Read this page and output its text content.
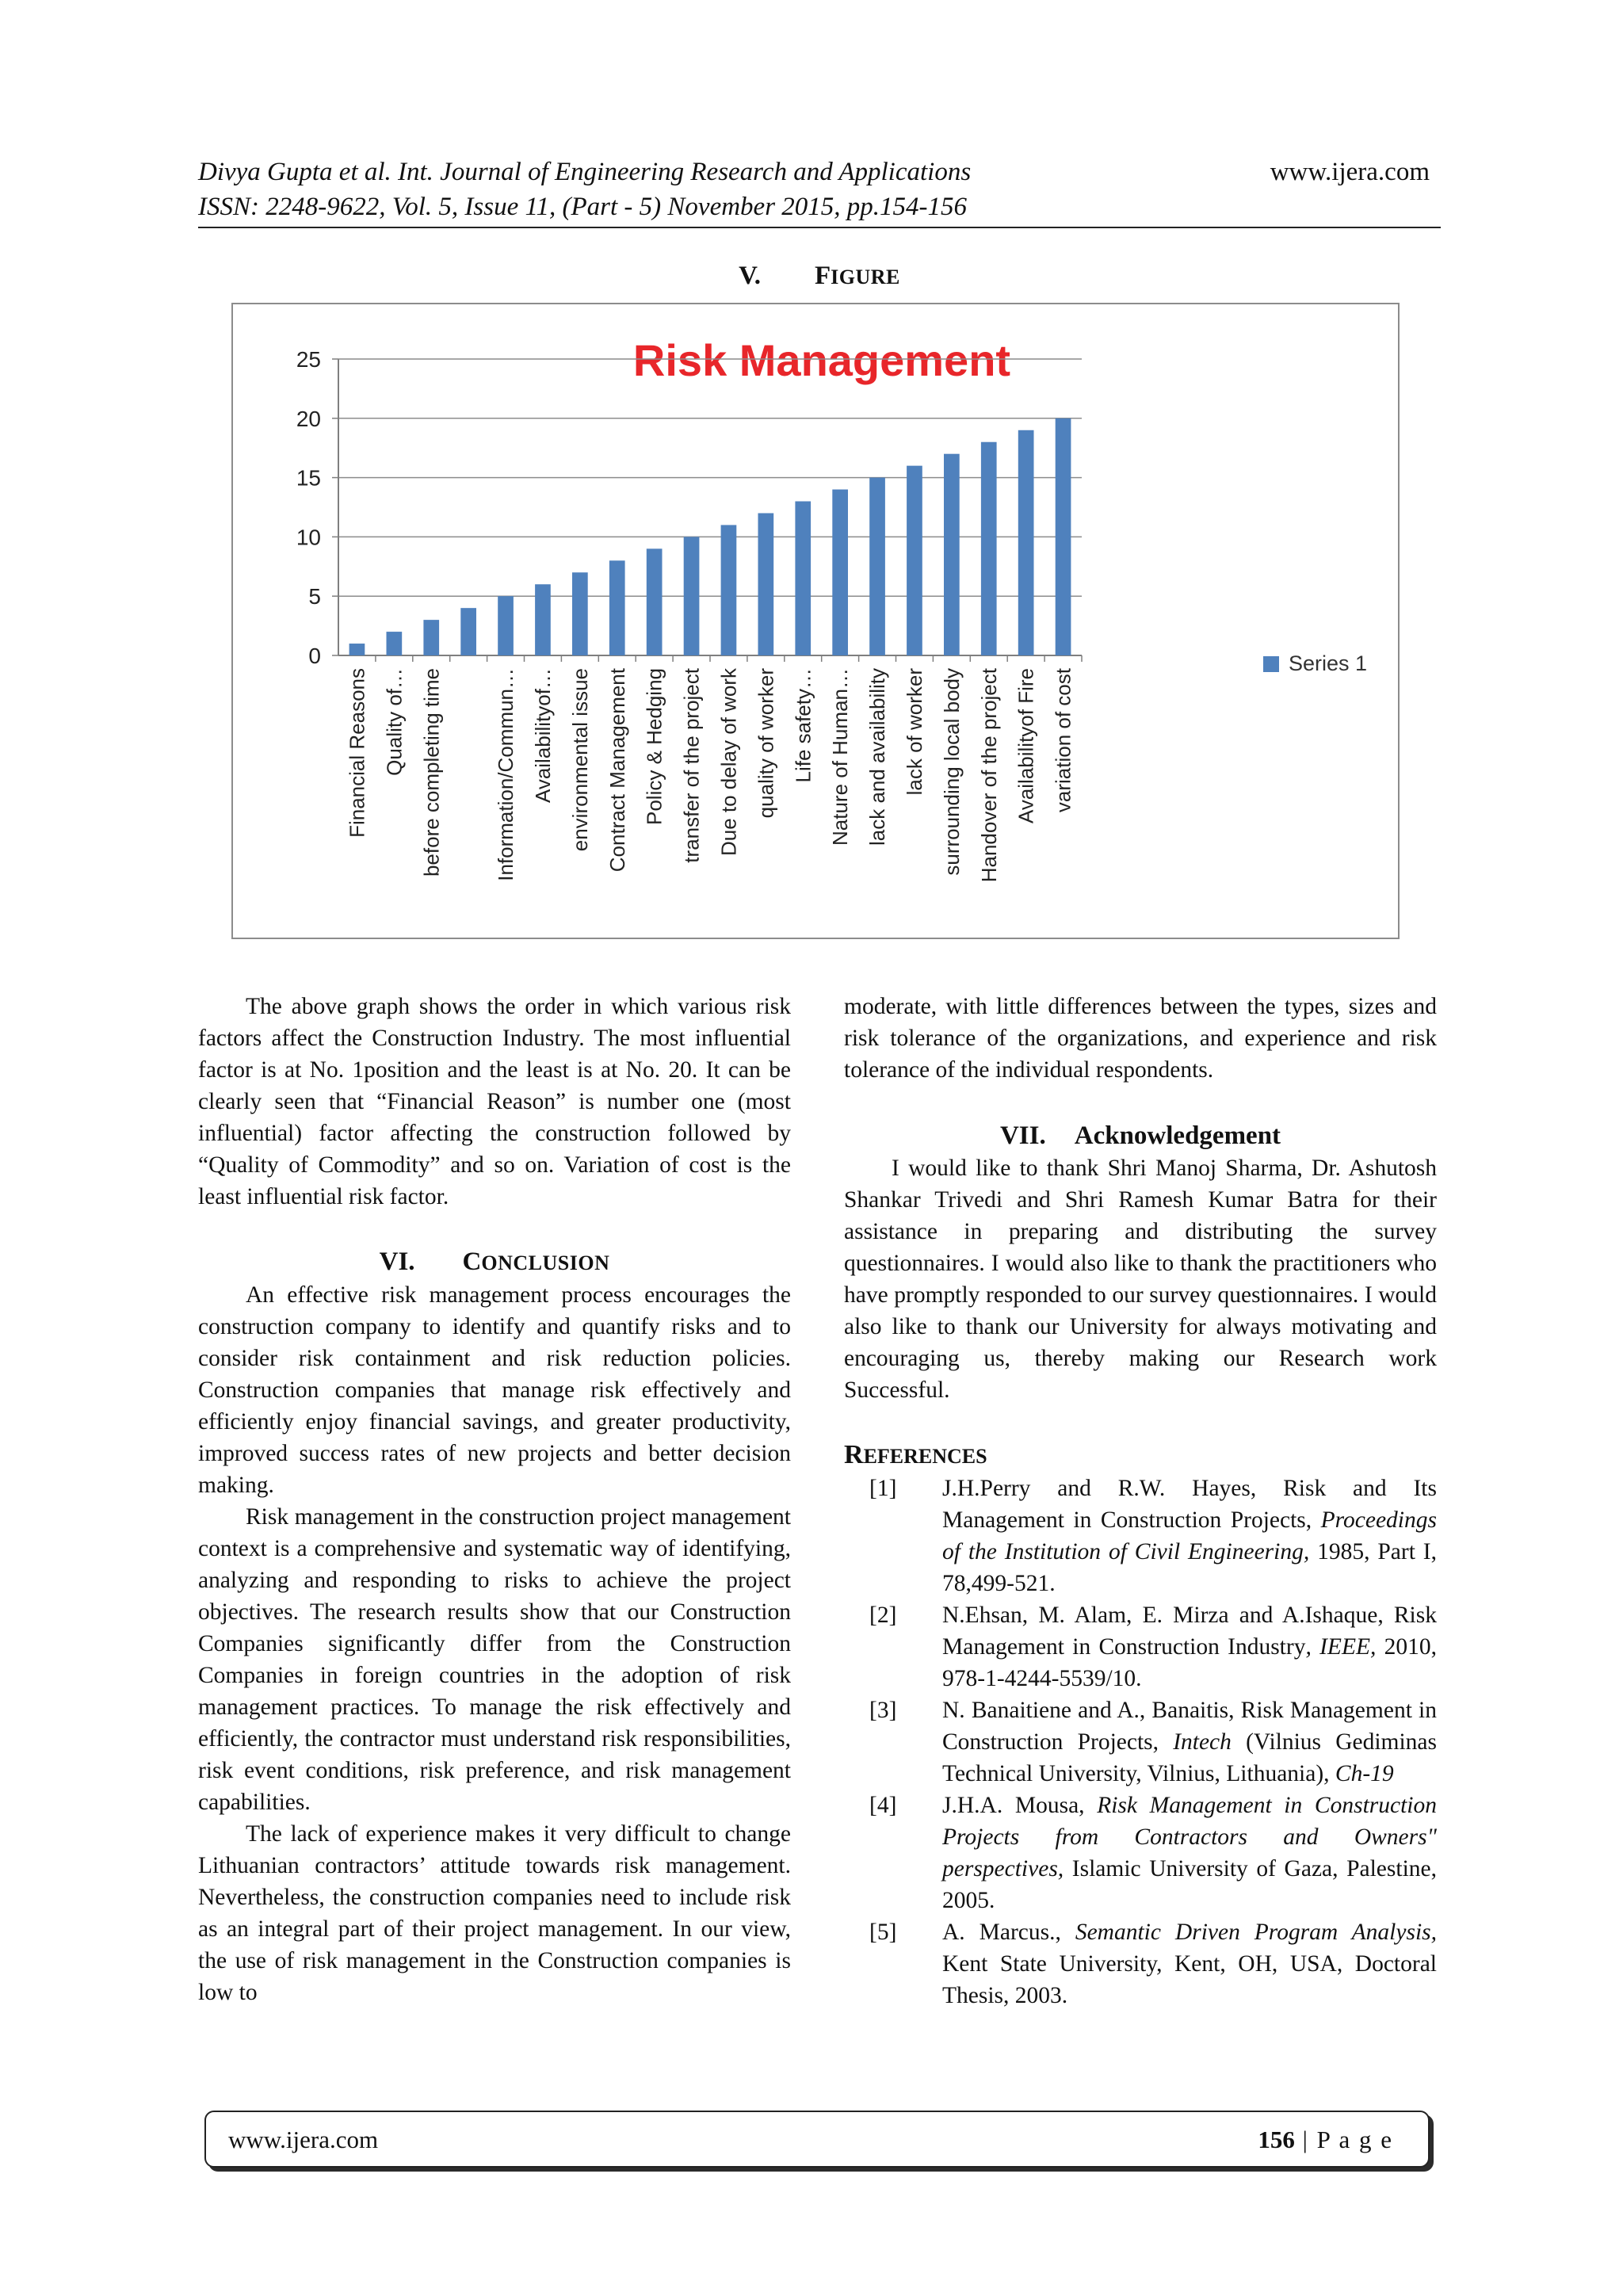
Divya Gupta et al. Int. Journal of Engineering Research and Applications	www.ijera.com
ISSN: 2248-9622, Vol. 5, Issue 11, (Part - 5) November 2015, pp.154-156
V. FIGURE
Risk Management
0
5
10
15
20
25
Financial Reasons Quality of… before completing time Information/Commun… Availabilityof… environmental issue Contract Management Policy & Hedging transfer of the project Due to delay of work quality of worker Life safety… Nature of Human… lack and availability lack of worker surrounding local body Handover of the project Availabilityof Fire variation of cost
Series 1

The above graph shows the order in which various risk factors affect the Construction Industry. The most influential factor is at No. 1position and the least is at No. 20. It can be clearly seen that “Financial Reason” is number one (most influential) factor affecting the construction followed by “Quality of Commodity” and so on. Variation of cost is the least influential risk factor.

VI. CONCLUSION

An effective risk management process encourages the construction company to identify and quantify risks and to consider risk containment and risk reduction policies. Construction companies that manage risk effectively and efficiently enjoy financial savings, and greater productivity, improved success rates of new projects and better decision making.

Risk management in the construction project management context is a comprehensive and systematic way of identifying, analyzing and responding to risks to achieve the project objectives. The research results show that our Construction Companies significantly differ from the Construction Companies in foreign countries in the adoption of risk management practices. To manage the risk effectively and efficiently, the contractor must understand risk responsibilities, risk event conditions, risk preference, and risk management capabilities.

The lack of experience makes it very difficult to change Lithuanian contractors’ attitude towards risk management. Nevertheless, the construction companies need to include risk as an integral part of their project management. In our view, the use of risk management in the Construction companies is low to

moderate, with little differences between the types, sizes and risk tolerance of the organizations, and experience and risk tolerance of the individual respondents.

VII. Acknowledgement

I would like to thank Shri Manoj Sharma, Dr. Ashutosh Shankar Trivedi and Shri Ramesh Kumar Batra for their assistance in preparing and distributing the survey questionnaires. I would also like to thank the practitioners who have promptly responded to our survey questionnaires. I would also like to thank our University for always motivating and encouraging us, thereby making our Research work Successful.

REFERENCES
[1] J.H.Perry and R.W. Hayes, Risk and Its Management in Construction Projects, Proceedings of the Institution of Civil Engineering, 1985, Part I, 78,499-521.
[2] N.Ehsan, M. Alam, E. Mirza and A.Ishaque, Risk Management in Construction Industry, IEEE, 2010, 978-1-4244-5539/10.
[3] N. Banaitiene and A., Banaitis, Risk Management in Construction Projects, Intech (Vilnius Gediminas Technical University, Vilnius, Lithuania), Ch-19
[4] J.H.A. Mousa, Risk Management in Construction Projects from Contractors and Owners" perspectives, Islamic University of Gaza, Palestine, 2005.
[5] A. Marcus., Semantic Driven Program Analysis, Kent State University, Kent, OH, USA, Doctoral Thesis, 2003.
www.ijera.com	156 | P a g e
